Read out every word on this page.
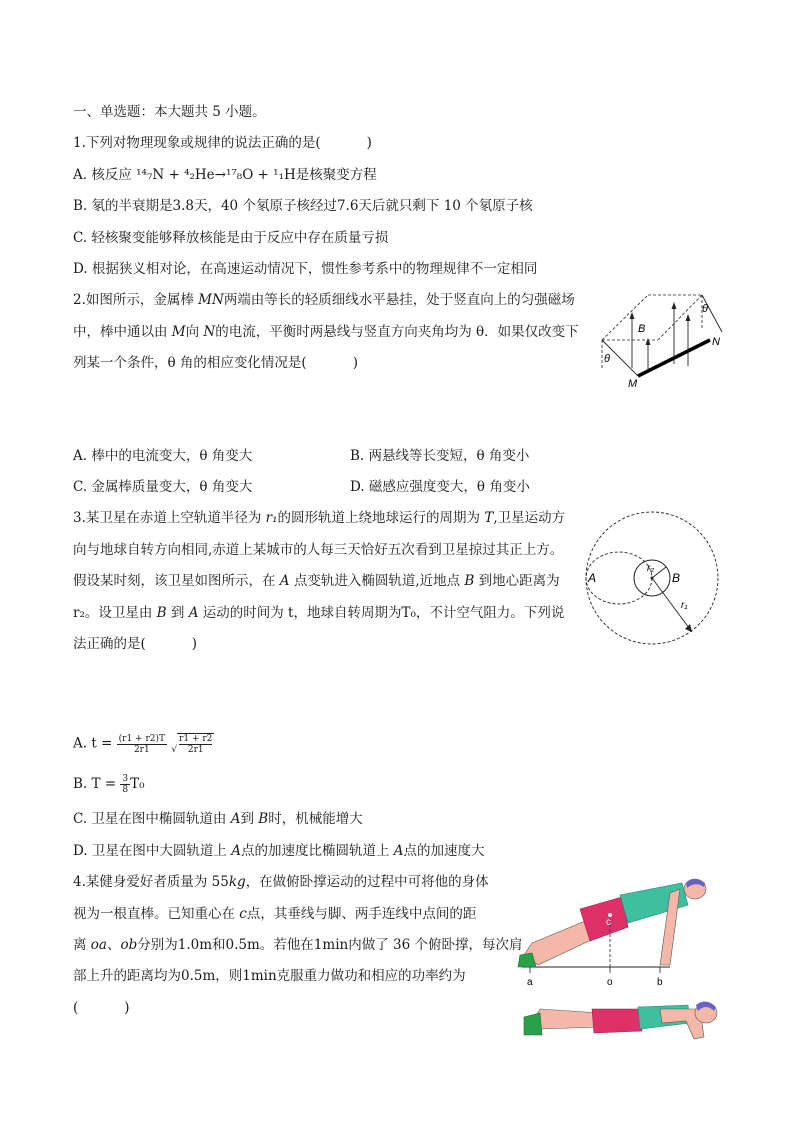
一、单选题：本大题共 5 小题。
1.下列对物理现象或规律的说法正确的是(	)
A. 核反应 ¹⁴₇N + ⁴₂He→¹⁷₈O + ¹₁H是核聚变方程
B. 氡的半衰期是3.8天，40 个氡原子核经过7.6天后就只剩下 10 个氡原子核
C. 轻核聚变能够释放核能是由于反应中存在质量亏损
D. 根据狭义相对论，在高速运动情况下，惯性参考系中的物理规律不一定相同
2.如图所示，金属棒 MN两端由等长的轻质细线水平悬挂，处于竖直向上的匀强磁场
中，棒中通以由 M向 N的电流，平衡时两悬线与竖直方向夹角均为 θ．如果仅改变下
列某一个条件，θ 角的相应变化情况是(	)
A. 棒中的电流变大，θ 角变大	B. 两悬线等长变短，θ 角变小
C. 金属棒质量变大，θ 角变大	D. 磁感应强度变大，θ 角变小
B
θ
θ
M
N
3.某卫星在赤道上空轨道半径为 r₁的圆形轨道上绕地球运行的周期为 T,卫星运动方
向与地球自转方向相同,赤道上某城市的人每三天恰好五次看到卫星掠过其正上方。
假设某时刻，该卫星如图所示，在 A 点变轨进入椭圆轨道,近地点 B 到地心距离为
r₂。设卫星由 B 到 A 运动的时间为 t，地球自转周期为T₀，不计空气阻力。下列说
法正确的是(	)
A. $t = \frac{(r1 + r2)T}{2r1}$ √ $\frac{r1 + r2}{2r1}$
B. $T = \frac{3}{8} T_0$
C. 卫星在图中椭圆轨道由 A到 B时，机械能增大
D. 卫星在图中大圆轨道上 A点的加速度比椭圆轨道上 A点的加速度大
A	B
r₂
r₁
4.某健身爱好者质量为 55kg，在做俯卧撑运动的过程中可将他的身体
视为一根直棒。已知重心在 c点，其垂线与脚、两手连线中点间的距
离 oa、ob分别为1.0m和0.5m。若他在1min内做了 36 个俯卧撑，每次肩
部上升的距离均为0.5m，则1min克服重力做功和相应的功率约为
(	)
c
a	o	b
